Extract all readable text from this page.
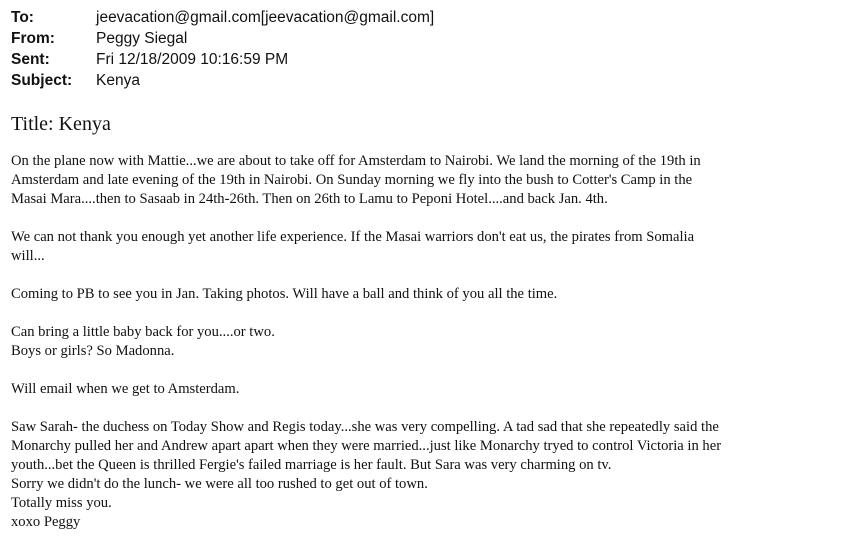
To:	jeevacation@gmail.com[jeevacation@gmail.com]
From:	Peggy Siegal
Sent:	Fri 12/18/2009 10:16:59 PM
Subject:	Kenya
Title: Kenya

On the plane now with Mattie...we are about to take off for Amsterdam to Nairobi. We land the morning of the 19th in
Amsterdam and late evening of the 19th in Nairobi. On Sunday morning we fly into the bush to Cotter's Camp in the
Masai Mara....then to Sasaab in 24th-26th. Then on 26th to Lamu to Peponi Hotel....and back Jan. 4th.

We can not thank you enough yet another life experience. If the Masai warriors don't eat us, the pirates from Somalia
will...

Coming to PB to see you in Jan. Taking photos. Will have a ball and think of you all the time.

Can bring a little baby back for you....or two.
Boys or girls? So Madonna.

Will email when we get to Amsterdam.

Saw Sarah- the duchess on Today Show and Regis today...she was very compelling. A tad sad that she repeatedly said the
Monarchy pulled her and Andrew apart apart when they were married...just like Monarchy tryed to control Victoria in her
youth...bet the Queen is thrilled Fergie's failed marriage is her fault. But Sara was very charming on tv.
Sorry we didn't do the lunch- we were all too rushed to get out of town.
Totally miss you.
xoxo Peggy
